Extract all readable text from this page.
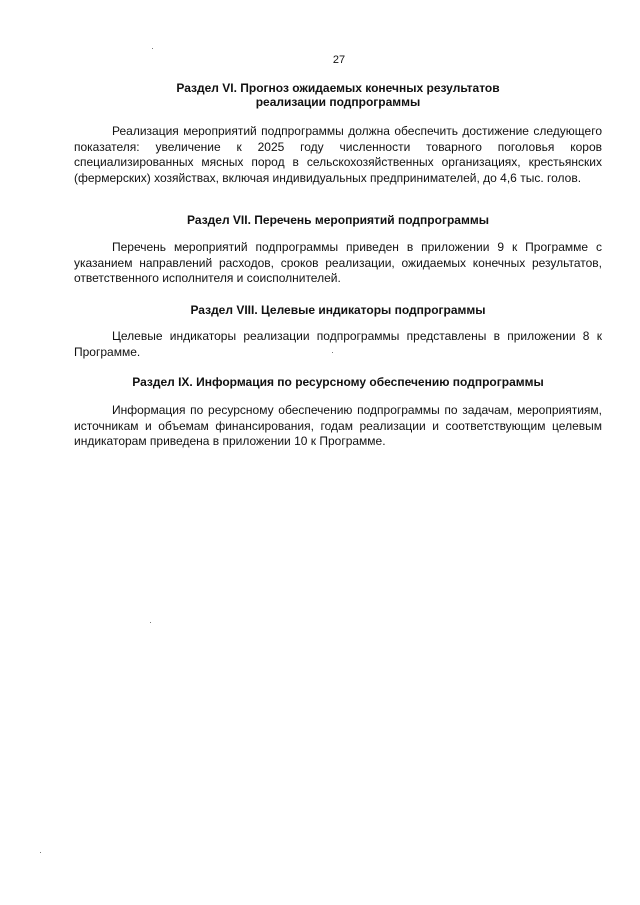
27
Раздел VI. Прогноз ожидаемых конечных результатов
реализации подпрограммы
Реализация мероприятий подпрограммы должна обеспечить достижение следующего показателя: увеличение к 2025 году численности товарного поголовья коров специализированных мясных пород в сельскохозяйственных организациях, крестьянских (фермерских) хозяйствах, включая индивидуальных предпринимателей, до 4,6 тыс. голов.
Раздел VII. Перечень мероприятий подпрограммы
Перечень мероприятий подпрограммы приведен в приложении 9 к Программе с указанием направлений расходов, сроков реализации, ожидаемых конечных результатов, ответственного исполнителя и соисполнителей.
Раздел VIII. Целевые индикаторы подпрограммы
Целевые индикаторы реализации подпрограммы представлены в приложении 8 к Программе.
Раздел IX. Информация по ресурсному обеспечению подпрограммы
Информация по ресурсному обеспечению подпрограммы по задачам, мероприятиям, источникам и объемам финансирования, годам реализации и соответствующим целевым индикаторам приведена в приложении 10 к Программе.
